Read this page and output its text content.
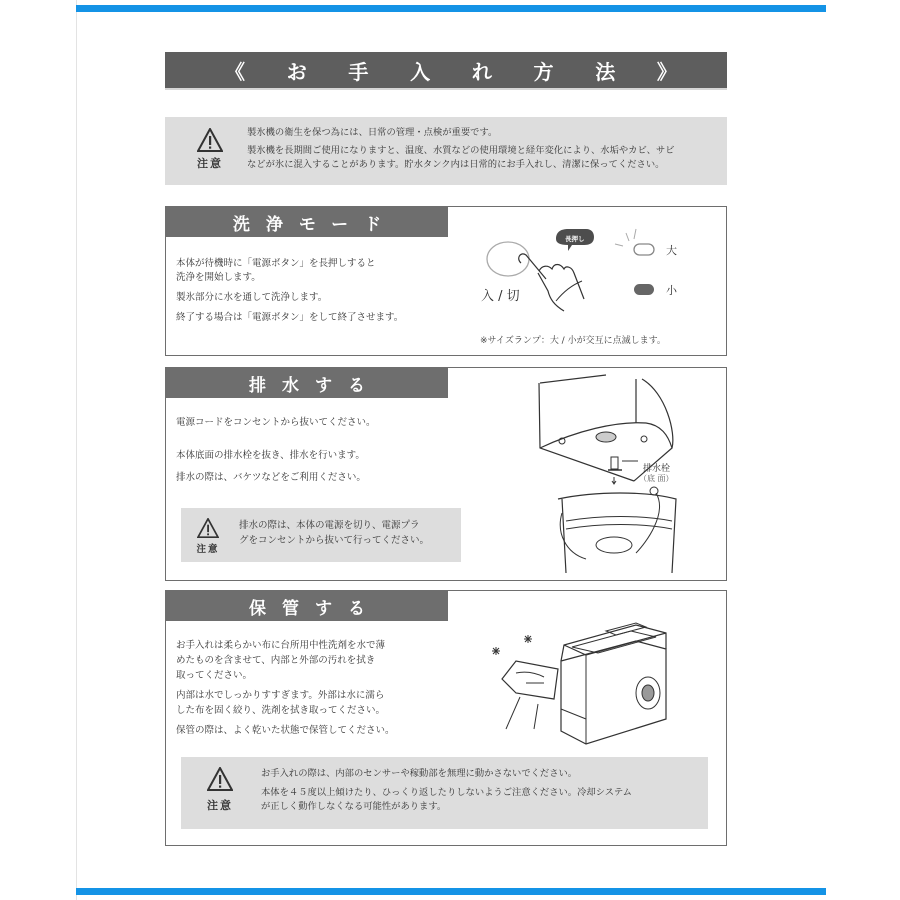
《 お 手 入 れ 方 法 》
注意

製氷機の衛生を保つ為には、日常の管理・点検が重要です。

製氷機を長期間ご使用になりますと、温度、水質などの使用環境と経年変化により、水垢やカビ、サビ

などが氷に混入することがあります。貯水タンク内は日常的にお手入れし、清潔に保ってください。

洗浄モード

本体が待機時に「電源ボタン」を長押しすると

洗浄を開始します。

製氷部分に水を通して洗浄します。

終了する場合は「電源ボタン」をして終了させます。

入 / 切
長押し
大
小
※サイズランプ：大 / 小が交互に点滅します。
排水する

電源コードをコンセントから抜いてください。

本体底面の排水栓を抜き、排水を行います。

排水の際は、バケツなどをご利用ください。

注意

排水の際は、本体の電源を切り、電源プラ

グをコンセントから抜いて行ってください。

排水栓
（底 面）
保管する

お手入れは柔らかい布に台所用中性洗剤を水で薄

めたものを含ませて、内部と外部の汚れを拭き

取ってください。

内部は水でしっかりすすぎます。外部は水に濡ら

した布を固く絞り、洗剤を拭き取ってください。

保管の際は、よく乾いた状態で保管してください。

注意

お手入れの際は、内部のセンサーや稼動部を無理に動かさないでください。

本体を４５度以上傾けたり、ひっくり返したりしないようご注意ください。冷却システム

が正しく動作しなくなる可能性があります。
